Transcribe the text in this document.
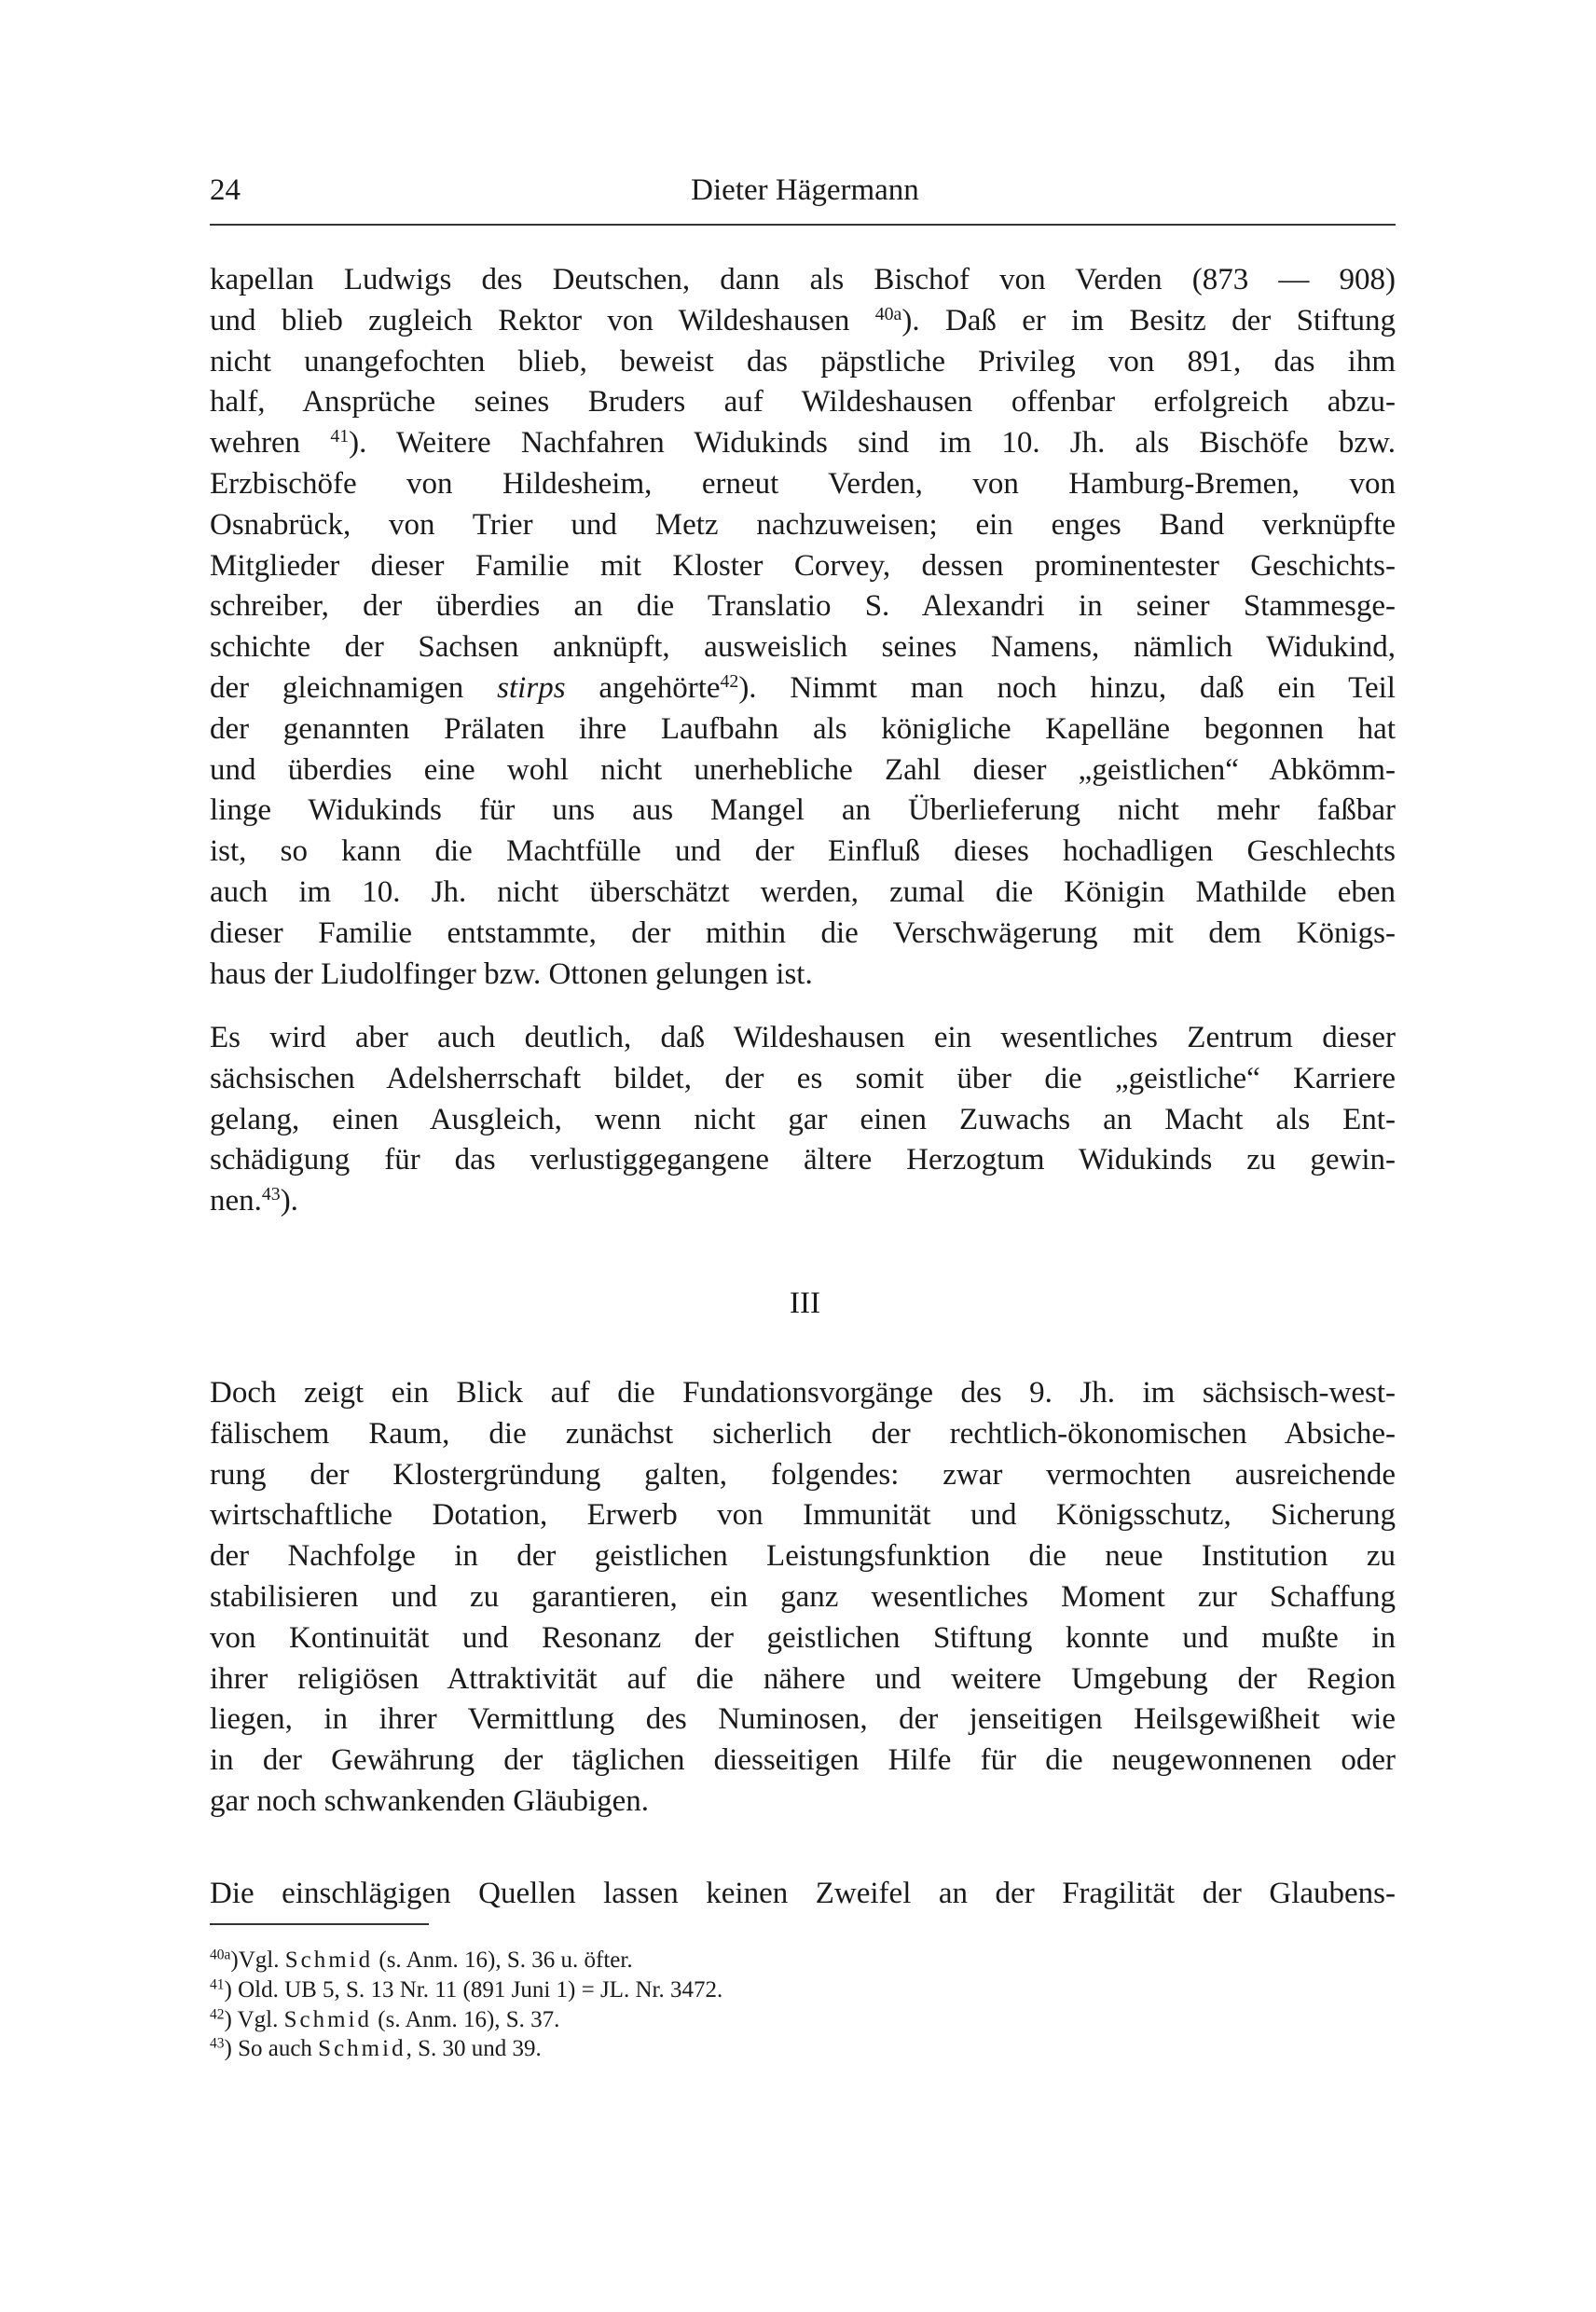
24	Dieter Hägermann
kapellan Ludwigs des Deutschen, dann als Bischof von Verden (873 — 908)
und blieb zugleich Rektor von Wildeshausen $^{40a}$). Daß er im Besitz der Stiftung
nicht unangefochten blieb, beweist das päpstliche Privileg von 891, das ihm
half, Ansprüche seines Bruders auf Wildeshausen offenbar erfolgreich abzu-
wehren $^{41}$). Weitere Nachfahren Widukinds sind im 10. Jh. als Bischöfe bzw.
Erzbischöfe von Hildesheim, erneut Verden, von Hamburg-Bremen, von
Osnabrück, von Trier und Metz nachzuweisen; ein enges Band verknüpfte
Mitglieder dieser Familie mit Kloster Corvey, dessen prominentester Geschichts-
schreiber, der überdies an die Translatio S. Alexandri in seiner Stammesge-
schichte der Sachsen anknüpft, ausweislich seines Namens, nämlich Widukind,
der gleichnamigen stirps angehörte$^{42}$). Nimmt man noch hinzu, daß ein Teil
der genannten Prälaten ihre Laufbahn als königliche Kapelläne begonnen hat
und überdies eine wohl nicht unerhebliche Zahl dieser „geistlichen“ Abkömm-
linge Widukinds für uns aus Mangel an Überlieferung nicht mehr faßbar
ist, so kann die Machtfülle und der Einfluß dieses hochadligen Geschlechts
auch im 10. Jh. nicht überschätzt werden, zumal die Königin Mathilde eben
dieser Familie entstammte, der mithin die Verschwägerung mit dem Königs-
haus der Liudolfinger bzw. Ottonen gelungen ist.
Es wird aber auch deutlich, daß Wildeshausen ein wesentliches Zentrum dieser
sächsischen Adelsherrschaft bildet, der es somit über die „geistliche“ Karriere
gelang, einen Ausgleich, wenn nicht gar einen Zuwachs an Macht als Ent-
schädigung für das verlustiggegangene ältere Herzogtum Widukinds zu gewin-
nen.$^{43}$).
III
Doch zeigt ein Blick auf die Fundationsvorgänge des 9. Jh. im sächsisch-west-
fälischem Raum, die zunächst sicherlich der rechtlich-ökonomischen Absiche-
rung der Klostergründung galten, folgendes: zwar vermochten ausreichende
wirtschaftliche Dotation, Erwerb von Immunität und Königsschutz, Sicherung
der Nachfolge in der geistlichen Leistungsfunktion die neue Institution zu
stabilisieren und zu garantieren, ein ganz wesentliches Moment zur Schaffung
von Kontinuität und Resonanz der geistlichen Stiftung konnte und mußte in
ihrer religiösen Attraktivität auf die nähere und weitere Umgebung der Region
liegen, in ihrer Vermittlung des Numinosen, der jenseitigen Heilsgewißheit wie
in der Gewährung der täglichen diesseitigen Hilfe für die neugewonnenen oder
gar noch schwankenden Gläubigen.
Die einschlägigen Quellen lassen keinen Zweifel an der Fragilität der Glaubens-
$^{40a}$)Vgl. Schmid (s. Anm. 16), S. 36 u. öfter.
$^{41}$) Old. UB 5, S. 13 Nr. 11 (891 Juni 1) = JL. Nr. 3472.
$^{42}$) Vgl. Schmid (s. Anm. 16), S. 37.
$^{43}$) So auch Schmid, S. 30 und 39.
